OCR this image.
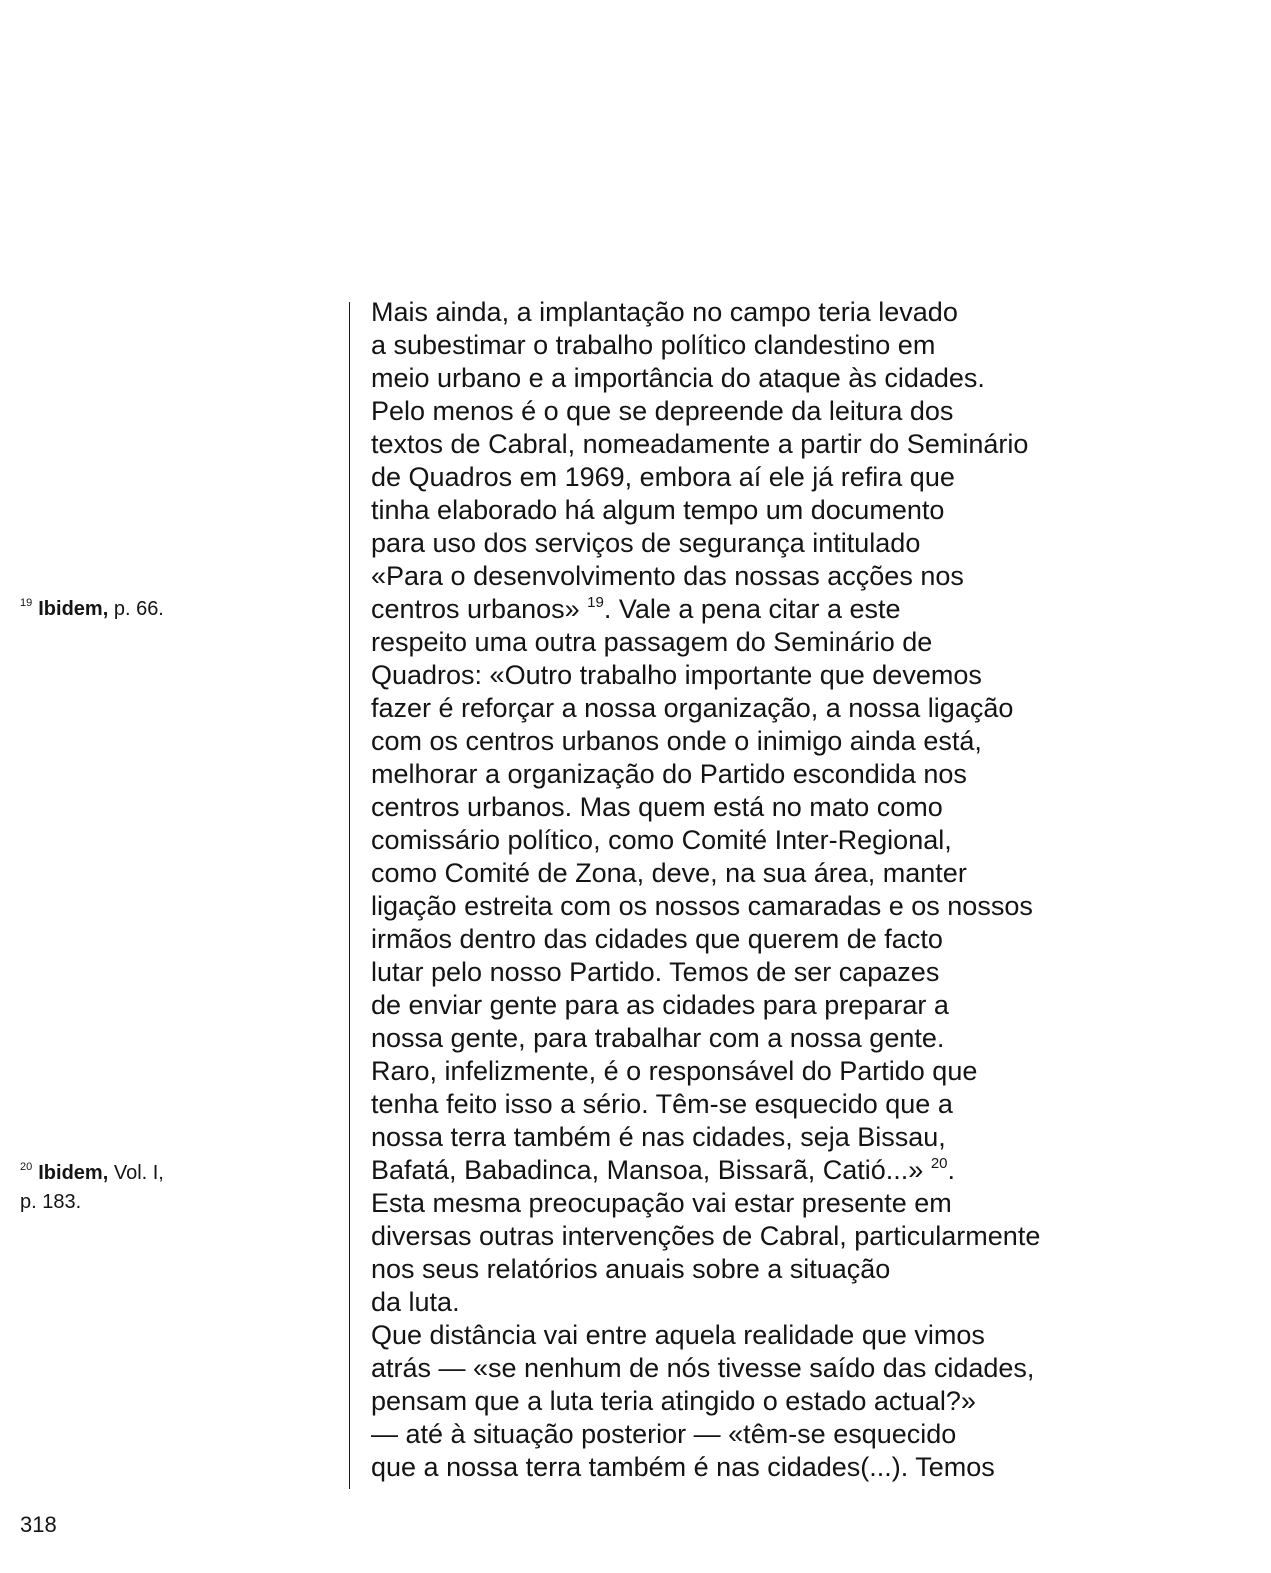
$^{19}$ Ibidem, p. 66.
$^{20}$ Ibidem, Vol. I,
p. 183.
Mais ainda, a implantação no campo teria levado
a subestimar o trabalho político clandestino em
meio urbano e a importância do ataque às cidades.
Pelo menos é o que se depreende da leitura dos
textos de Cabral, nomeadamente a partir do Seminário
de Quadros em 1969, embora aí ele já refira que
tinha elaborado há algum tempo um documento
para uso dos serviços de segurança intitulado
«Para o desenvolvimento das nossas acções nos
centros urbanos» $^{19}$. Vale a pena citar a este
respeito uma outra passagem do Seminário de
Quadros: «Outro trabalho importante que devemos
fazer é reforçar a nossa organização, a nossa ligação
com os centros urbanos onde o inimigo ainda está,
melhorar a organização do Partido escondida nos
centros urbanos. Mas quem está no mato como
comissário político, como Comité Inter-Regional,
como Comité de Zona, deve, na sua área, manter
ligação estreita com os nossos camaradas e os nossos
irmãos dentro das cidades que querem de facto
lutar pelo nosso Partido. Temos de ser capazes
de enviar gente para as cidades para preparar a
nossa gente, para trabalhar com a nossa gente.
Raro, infelizmente, é o responsável do Partido que
tenha feito isso a sério. Têm-se esquecido que a
nossa terra também é nas cidades, seja Bissau,
Bafatá, Babadinca, Mansoa, Bissarã, Catió...» $^{20}$.
Esta mesma preocupação vai estar presente em
diversas outras intervenções de Cabral, particularmente
nos seus relatórios anuais sobre a situação
da luta.
Que distância vai entre aquela realidade que vimos
atrás — «se nenhum de nós tivesse saído das cidades,
pensam que a luta teria atingido o estado actual?»
— até à situação posterior — «têm-se esquecido
que a nossa terra também é nas cidades(...). Temos
318
